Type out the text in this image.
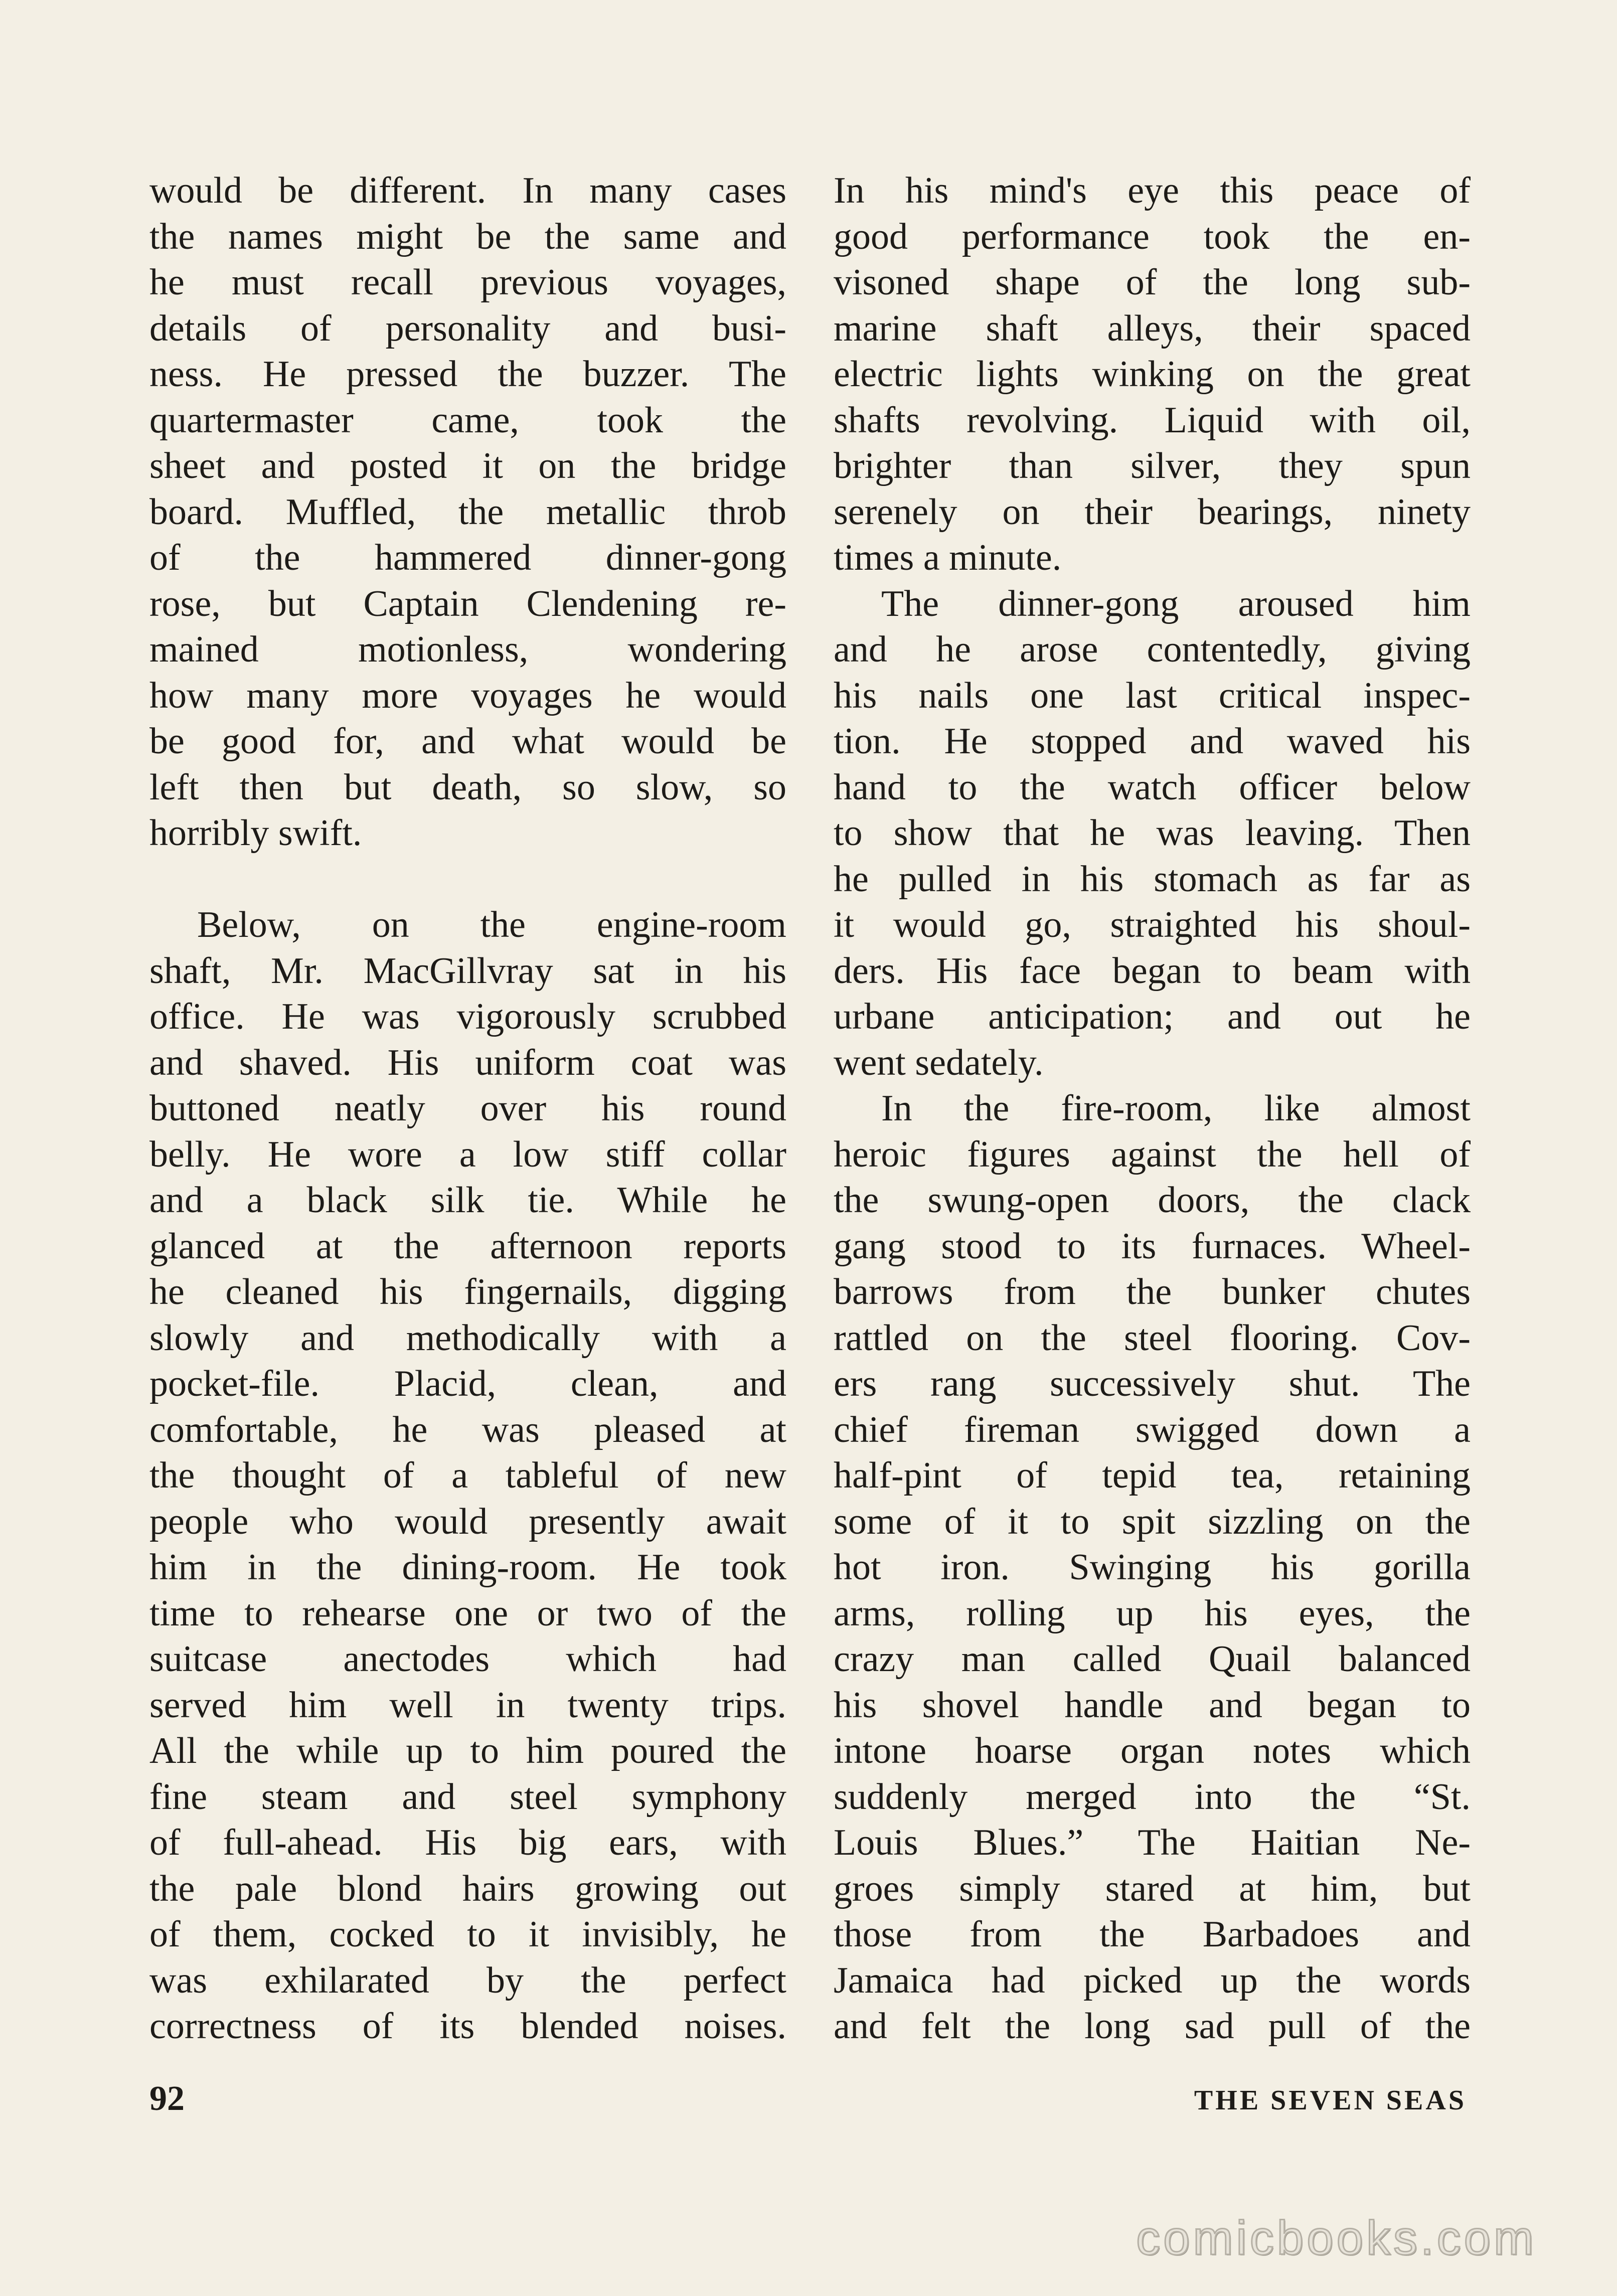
would be different. In many cases
the names might be the same and
he must recall previous voyages,
details of personality and busi-
ness. He pressed the buzzer. The
quartermaster came, took the
sheet and posted it on the bridge
board. Muffled, the metallic throb
of the hammered dinner-gong
rose, but Captain Clendening re-
mained motionless, wondering
how many more voyages he would
be good for, and what would be
left then but death, so slow, so
horribly swift.
Below, on the engine-room
shaft, Mr. MacGillvray sat in his
office. He was vigorously scrubbed
and shaved. His uniform coat was
buttoned neatly over his round
belly. He wore a low stiff collar
and a black silk tie. While he
glanced at the afternoon reports
he cleaned his fingernails, digging
slowly and methodically with a
pocket-file. Placid, clean, and
comfortable, he was pleased at
the thought of a tableful of new
people who would presently await
him in the dining-room. He took
time to rehearse one or two of the
suitcase anectodes which had
served him well in twenty trips.
All the while up to him poured the
fine steam and steel symphony
of full-ahead. His big ears, with
the pale blond hairs growing out
of them, cocked to it invisibly, he
was exhilarated by the perfect
correctness of its blended noises.
In his mind's eye this peace of
good performance took the en-
visoned shape of the long sub-
marine shaft alleys, their spaced
electric lights winking on the great
shafts revolving. Liquid with oil,
brighter than silver, they spun
serenely on their bearings, ninety
times a minute.
The dinner-gong aroused him
and he arose contentedly, giving
his nails one last critical inspec-
tion. He stopped and waved his
hand to the watch officer below
to show that he was leaving. Then
he pulled in his stomach as far as
it would go, straighted his shoul-
ders. His face began to beam with
urbane anticipation; and out he
went sedately.
In the fire-room, like almost
heroic figures against the hell of
the swung-open doors, the clack
gang stood to its furnaces. Wheel-
barrows from the bunker chutes
rattled on the steel flooring. Cov-
ers rang successively shut. The
chief fireman swigged down a
half-pint of tepid tea, retaining
some of it to spit sizzling on the
hot iron. Swinging his gorilla
arms, rolling up his eyes, the
crazy man called Quail balanced
his shovel handle and began to
intone hoarse organ notes which
suddenly merged into the “St.
Louis Blues.” The Haitian Ne-
groes simply stared at him, but
those from the Barbadoes and
Jamaica had picked up the words
and felt the long sad pull of the
92	THE SEVEN SEAS
comicbooks.com
